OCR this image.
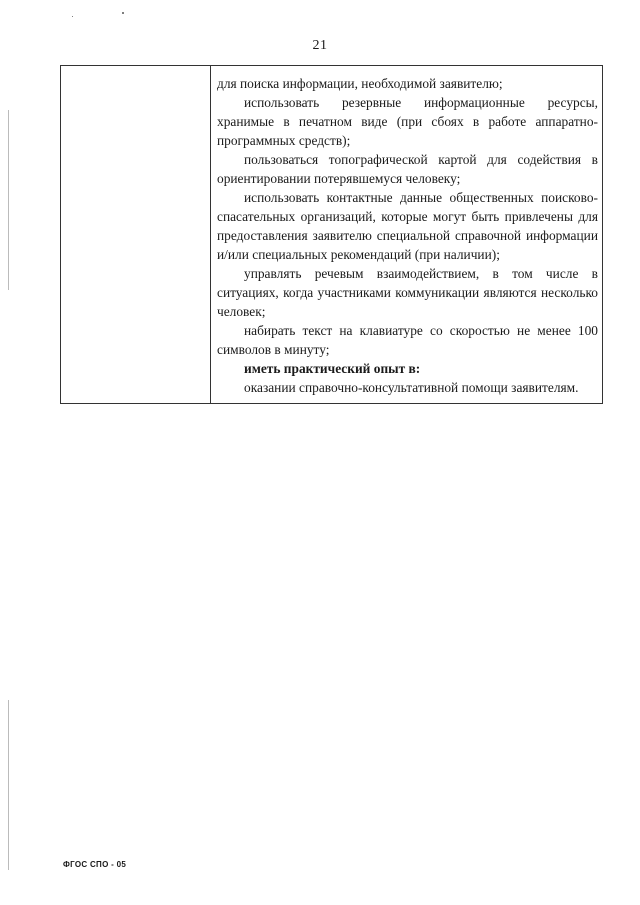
21

для поиска информации, необходимой заявителю;

использовать резервные информационные ресурсы, хранимые в печатном виде (при сбоях в работе аппаратно-программных средств);

пользоваться топографической картой для содействия в ориентировании потерявшемуся человеку;

использовать контактные данные общественных поисково-спасательных организаций, которые могут быть привлечены для предоставления заявителю специальной справочной информации и/или специальных рекомендаций (при наличии);

управлять речевым взаимодействием, в том числе в ситуациях, когда участниками коммуникации являются несколько человек;

набирать текст на клавиатуре со скоростью не менее 100 символов в минуту;

иметь практический опыт в:

оказании справочно-консультативной помощи заявителям.

ФГОС СПО - 05
